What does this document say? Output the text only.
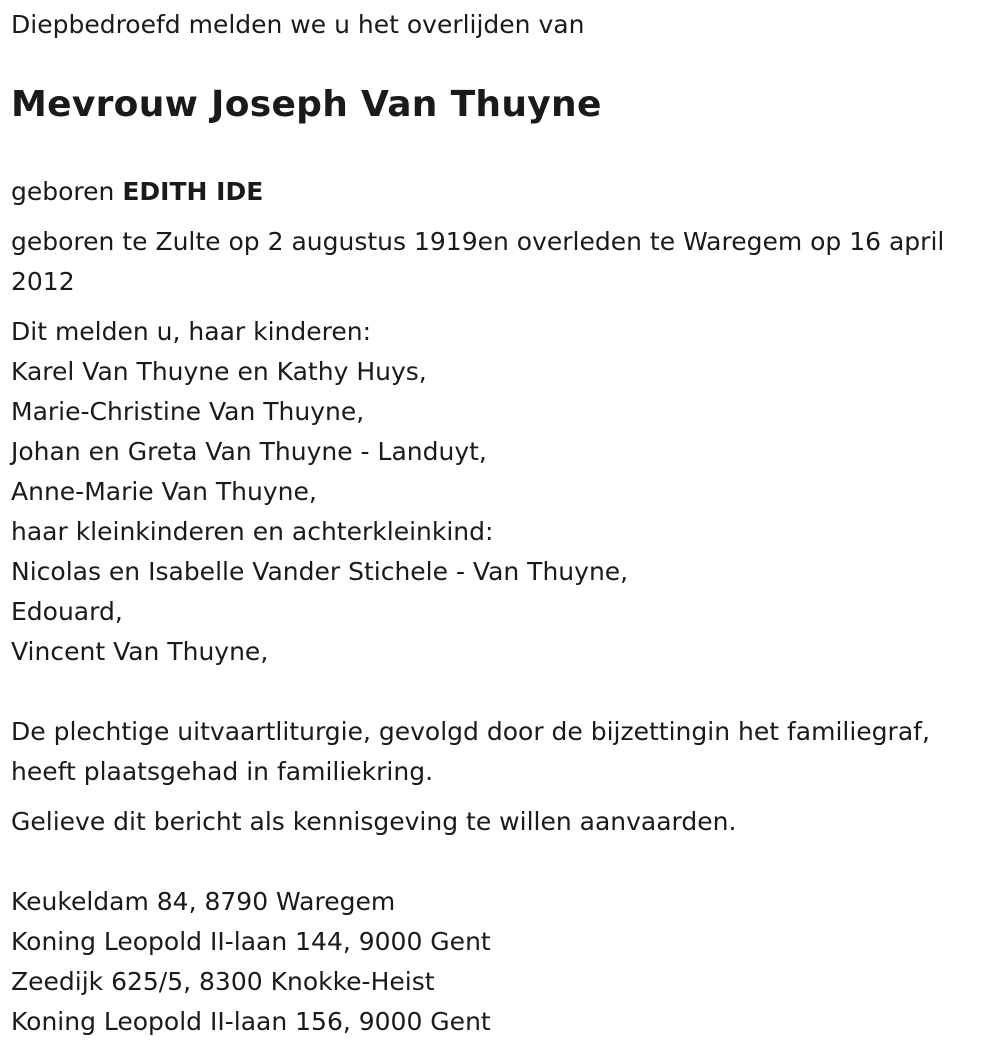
Diepbedroefd melden we u het overlijden van

Mevrouw Joseph Van Thuyne

geboren EDITH IDE

geboren te Zulte op 2 augustus 1919en overleden te Waregem op 16 april 2012

Dit melden u, haar kinderen:
Karel Van Thuyne en Kathy Huys,
Marie-Christine Van Thuyne,
Johan en Greta Van Thuyne - Landuyt,
Anne-Marie Van Thuyne,
haar kleinkinderen en achterkleinkind:
Nicolas en Isabelle Vander Stichele - Van Thuyne,
Edouard,
Vincent Van Thuyne,

De plechtige uitvaartliturgie, gevolgd door de bijzettingin het familiegraf, heeft plaatsgehad in familiekring.

Gelieve dit bericht als kennisgeving te willen aanvaarden.

Keukeldam 84, 8790 Waregem
Koning Leopold II-laan 144, 9000 Gent
Zeedijk 625/5, 8300 Knokke-Heist
Koning Leopold II-laan 156, 9000 Gent
